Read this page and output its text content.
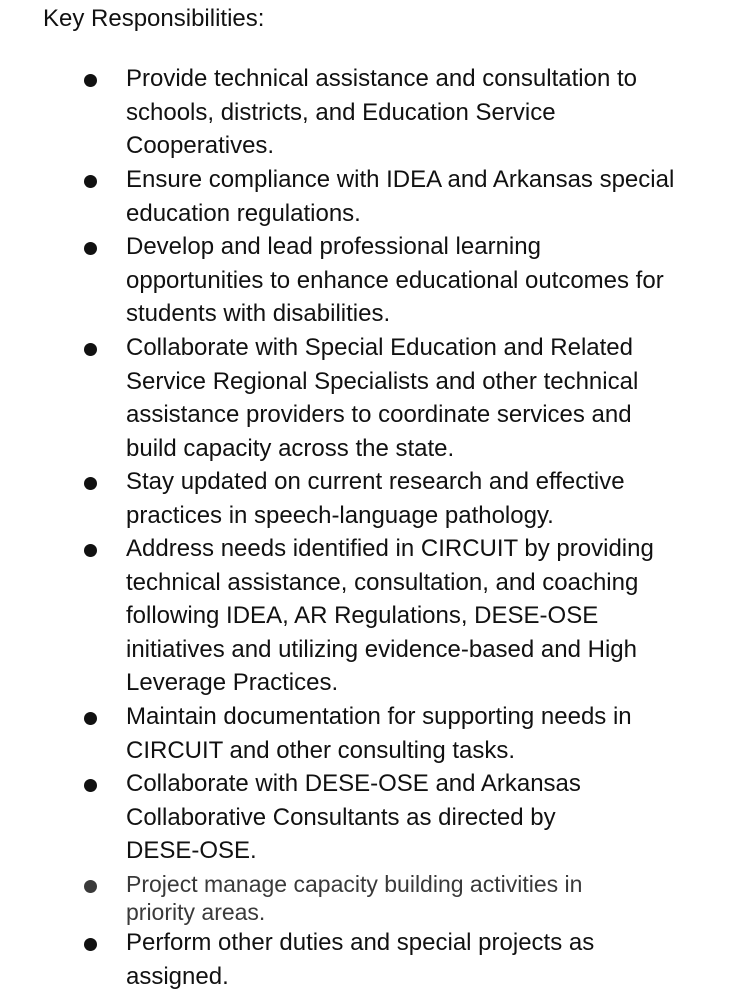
Key Responsibilities:
Provide technical assistance and consultation to
schools, districts, and Education Service
Cooperatives.
Ensure compliance with IDEA and Arkansas special
education regulations.
Develop and lead professional learning
opportunities to enhance educational outcomes for
students with disabilities.
Collaborate with Special Education and Related
Service Regional Specialists and other technical
assistance providers to coordinate services and
build capacity across the state.
Stay updated on current research and effective
practices in speech-language pathology.
Address needs identified in CIRCUIT by providing
technical assistance, consultation, and coaching
following IDEA, AR Regulations, DESE-OSE
initiatives and utilizing evidence-based and High
Leverage Practices.
Maintain documentation for supporting needs in
CIRCUIT and other consulting tasks.
Collaborate with DESE-OSE and Arkansas
Collaborative Consultants as directed by
DESE-OSE.
Project manage capacity building activities in
priority areas.
Perform other duties and special projects as
assigned.
